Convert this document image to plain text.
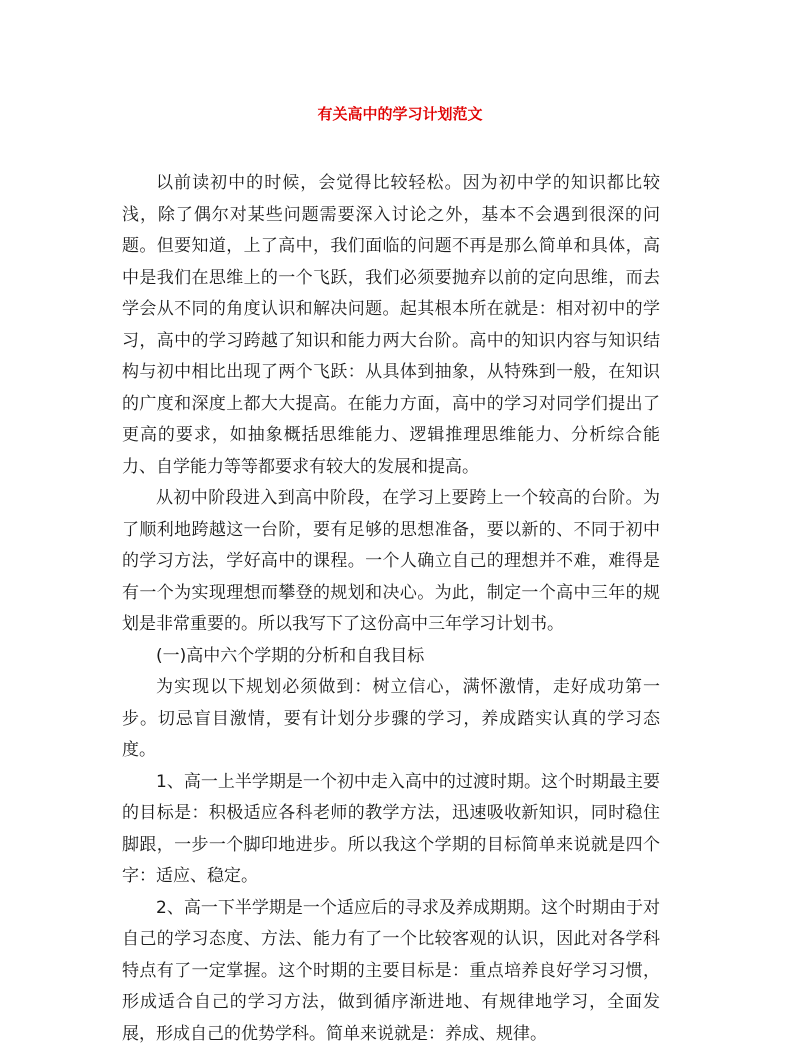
有关高中的学习计划范文

以前读初中的时候，会觉得比较轻松。因为初中学的知识都比较浅，除了偶尔对某些问题需要深入讨论之外，基本不会遇到很深的问题。但要知道，上了高中，我们面临的问题不再是那么简单和具体，高中是我们在思维上的一个飞跃，我们必须要抛弃以前的定向思维，而去学会从不同的角度认识和解决问题。起其根本所在就是：相对初中的学习，高中的学习跨越了知识和能力两大台阶。高中的知识内容与知识结构与初中相比出现了两个飞跃：从具体到抽象，从特殊到一般，在知识的广度和深度上都大大提高。在能力方面，高中的学习对同学们提出了更高的要求，如抽象概括思维能力、逻辑推理思维能力、分析综合能力、自学能力等等都要求有较大的发展和提高。

从初中阶段进入到高中阶段，在学习上要跨上一个较高的台阶。为了顺利地跨越这一台阶，要有足够的思想准备，要以新的、不同于初中的学习方法，学好高中的课程。一个人确立自己的理想并不难，难得是有一个为实现理想而攀登的规划和决心。为此，制定一个高中三年的规划是非常重要的。所以我写下了这份高中三年学习计划书。

(一)高中六个学期的分析和自我目标

为实现以下规划必须做到：树立信心，满怀激情，走好成功第一步。切忌盲目激情，要有计划分步骤的学习，养成踏实认真的学习态度。

1、高一上半学期是一个初中走入高中的过渡时期。这个时期最主要的目标是：积极适应各科老师的教学方法，迅速吸收新知识，同时稳住脚跟，一步一个脚印地进步。所以我这个学期的目标简单来说就是四个字：适应、稳定。

2、高一下半学期是一个适应后的寻求及养成期期。这个时期由于对自己的学习态度、方法、能力有了一个比较客观的认识，因此对各学科特点有了一定掌握。这个时期的主要目标是：重点培养良好学习习惯，形成适合自己的学习方法，做到循序渐进地、有规律地学习，全面发展，形成自己的优势学科。简单来说就是：养成、规律。
